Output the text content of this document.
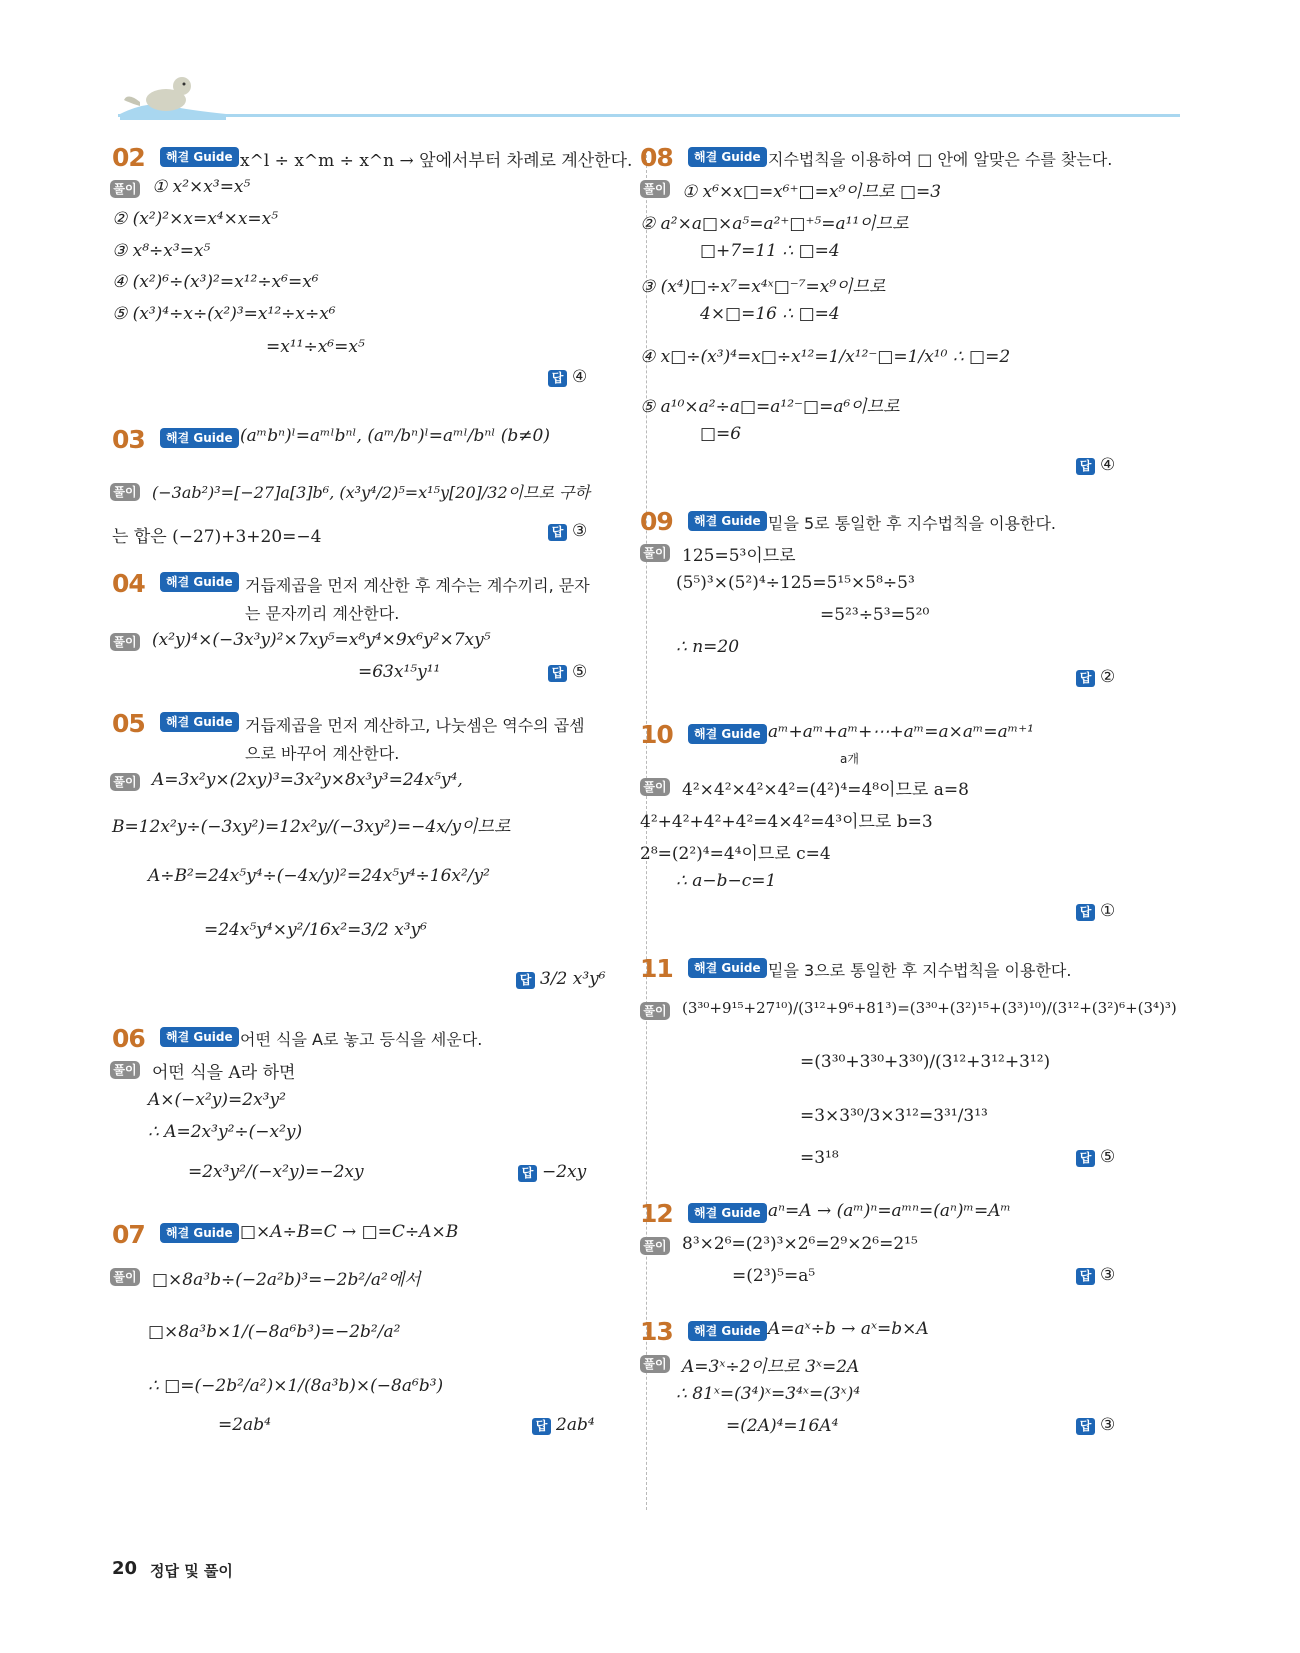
02	해결 Guide x^l ÷ x^m ÷ x^n → 앞에서부터 차례로 계산한다.
풀이 ① x²×x³=x⁵
② (x²)²×x=x⁴×x=x⁵
③ x⁸÷x³=x⁵
④ (x²)⁶÷(x³)²=x¹²÷x⁶=x⁶
⑤ (x³)⁴÷x÷(x²)³=x¹²÷x÷x⁶
=x¹¹÷x⁶=x⁵
답 ④
03	해결 Guide (aᵐbⁿ)ˡ=aᵐˡbⁿˡ, (aᵐ/bⁿ)ˡ=aᵐˡ/bⁿˡ (b≠0)
풀이 (−3ab²)³=[−27]a[3]b⁶, (x³y⁴/2)⁵=x¹⁵y[20]/32이므로 구하
는 합은 (−27)+3+20=−4	답 ③
04	해결 Guide 거듭제곱을 먼저 계산한 후 계수는 계수끼리, 문자는 문자끼리 계산한다.
풀이 (x²y)⁴×(−3x³y)²×7xy⁵=x⁸y⁴×9x⁶y²×7xy⁵
=63x¹⁵y¹¹	답 ⑤
05	해결 Guide 거듭제곱을 먼저 계산하고, 나눗셈은 역수의 곱셈으로 바꾸어 계산한다.
풀이 A=3x²y×(2xy)³=3x²y×8x³y³=24x⁵y⁴,
B=12x²y÷(−3xy²)=12x²y/(−3xy²)=−4x/y이므로
A÷B²=24x⁵y⁴÷(−4x/y)²=24x⁵y⁴÷16x²/y²
=24x⁵y⁴×y²/16x²=3/2 x³y⁶
답 3/2 x³y⁶
06	해결 Guide 어떤 식을 A로 놓고 등식을 세운다.
풀이 어떤 식을 A라 하면
A×(−x²y)=2x³y²
∴ A=2x³y²÷(−x²y)
=2x³y²/(−x²y)=−2xy	답 −2xy
07	해결 Guide □×A÷B=C → □=C÷A×B
풀이 □×8a³b÷(−2a²b)³=−2b²/a²에서
□×8a³b×1/(−8a⁶b³)=−2b²/a²
∴ □=(−2b²/a²)×1/(8a³b)×(−8a⁶b³)
=2ab⁴	답 2ab⁴
08	해결 Guide 지수법칙을 이용하여 □ 안에 알맞은 수를 찾는다.
풀이 ① x⁶×x□=x⁶⁺□=x⁹이므로 □=3
② a²×a□×a⁵=a²⁺□⁺⁵=a¹¹이므로
□+7=11 ∴ □=4
③ (x⁴)□÷x⁷=x⁴ˣ□⁻⁷=x⁹이므로
4×□=16 ∴ □=4
④ x□÷(x³)⁴=x□÷x¹²=1/x¹²⁻□=1/x¹⁰ ∴ □=2
⑤ a¹⁰×a²÷a□=a¹²⁻□=a⁶이므로
□=6
답 ④
09	해결 Guide 밑을 5로 통일한 후 지수법칙을 이용한다.
풀이 125=5³이므로
(5⁵)³×(5²)⁴÷125=5¹⁵×5⁸÷5³
=5²³÷5³=5²⁰
∴ n=20
답 ②
10	해결 Guide aᵐ+aᵐ+aᵐ+⋯+aᵐ=a×aᵐ=aᵐ⁺¹
a개
풀이 4²×4²×4²×4²=(4²)⁴=4⁸이므로 a=8
4²+4²+4²+4²=4×4²=4³이므로 b=3
2⁸=(2²)⁴=4⁴이므로 c=4
∴ a−b−c=1
답 ①
11	해결 Guide 밑을 3으로 통일한 후 지수법칙을 이용한다.
풀이 (3³⁰+9¹⁵+27¹⁰)/(3¹²+9⁶+81³)=(3³⁰+(3²)¹⁵+(3³)¹⁰)/(3¹²+(3²)⁶+(3⁴)³)
=(3³⁰+3³⁰+3³⁰)/(3¹²+3¹²+3¹²)
=3×3³⁰/3×3¹²=3³¹/3¹³
=3¹⁸	답 ⑤
12	해결 Guide aⁿ=A → (aᵐ)ⁿ=aᵐⁿ=(aⁿ)ᵐ=Aᵐ
풀이 8³×2⁶=(2³)³×2⁶=2⁹×2⁶=2¹⁵
=(2³)⁵=a⁵	답 ③
13	해결 Guide A=aˣ÷b → aˣ=b×A
풀이 A=3ˣ÷2이므로 3ˣ=2A
∴ 81ˣ=(3⁴)ˣ=3⁴ˣ=(3ˣ)⁴
=(2A)⁴=16A⁴	답 ③
20 정답 및 풀이
